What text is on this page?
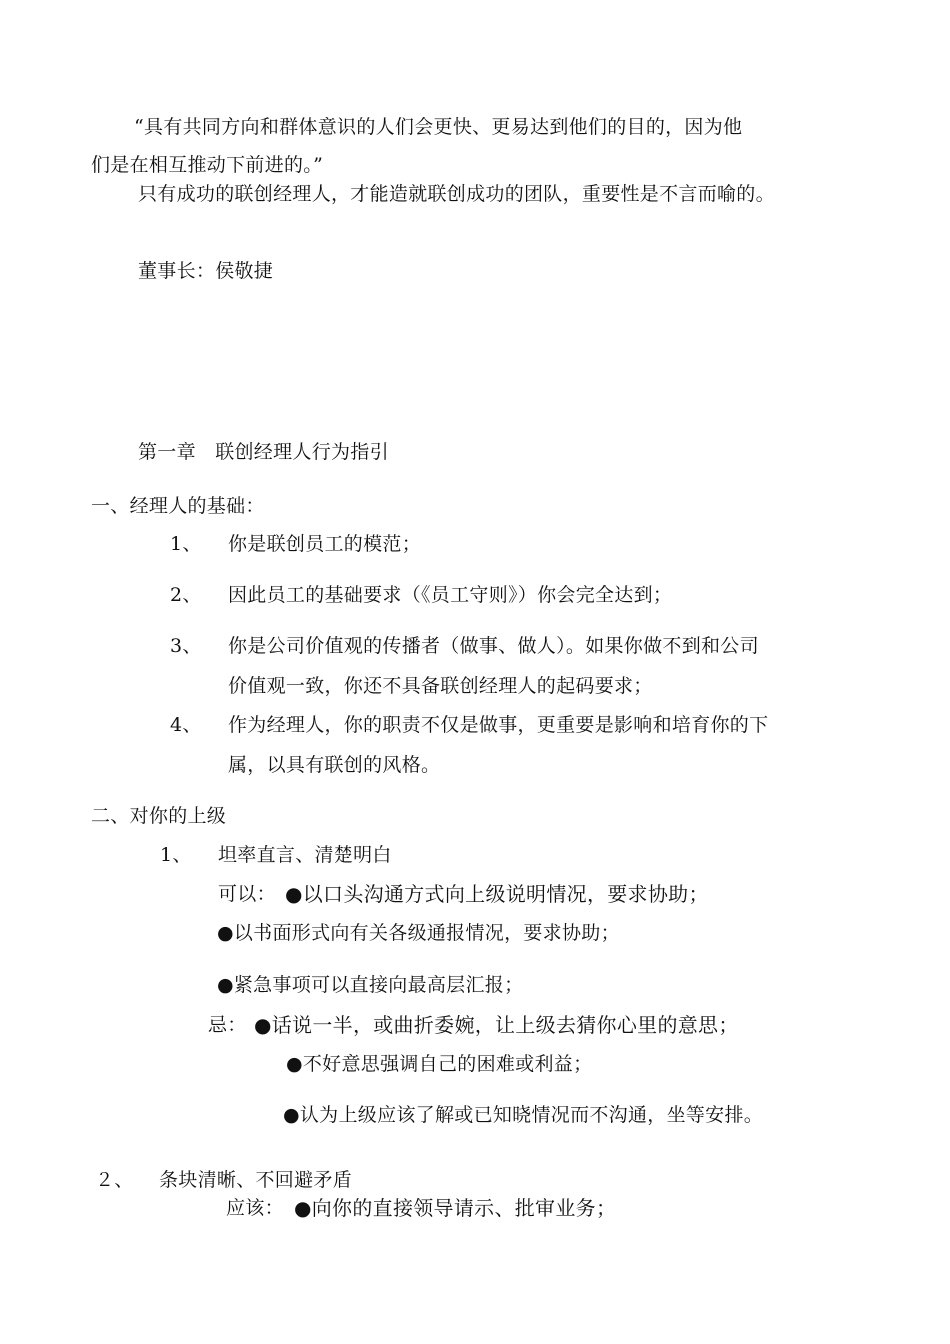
“具有共同方向和群体意识的人们会更快、更易达到他们的目的，因为他
们是在相互推动下前进的。”
只有成功的联创经理人，才能造就联创成功的团队，重要性是不言而喻的。
董事长：侯敬捷
第一章　联创经理人行为指引
一、经理人的基础：
1、 你是联创员工的模范；
2、 因此员工的基础要求（《员工守则》）你会完全达到；
3、 你是公司价值观的传播者（做事、做人）。如果你做不到和公司
价值观一致，你还不具备联创经理人的起码要求；
4、 作为经理人，你的职责不仅是做事，更重要是影响和培育你的下
属，以具有联创的风格。
二、对你的上级
1、 坦率直言、清楚明白
可以： ●以口头沟通方式向上级说明情况，要求协助；
●以书面形式向有关各级通报情况，要求协助；
●紧急事项可以直接向最高层汇报；
忌： ●话说一半，或曲折委婉，让上级去猜你心里的意思；
●不好意思强调自己的困难或利益；
●认为上级应该了解或已知晓情况而不沟通，坐等安排。
２、 条块清晰、不回避矛盾
应该： ●向你的直接领导请示、批审业务；
